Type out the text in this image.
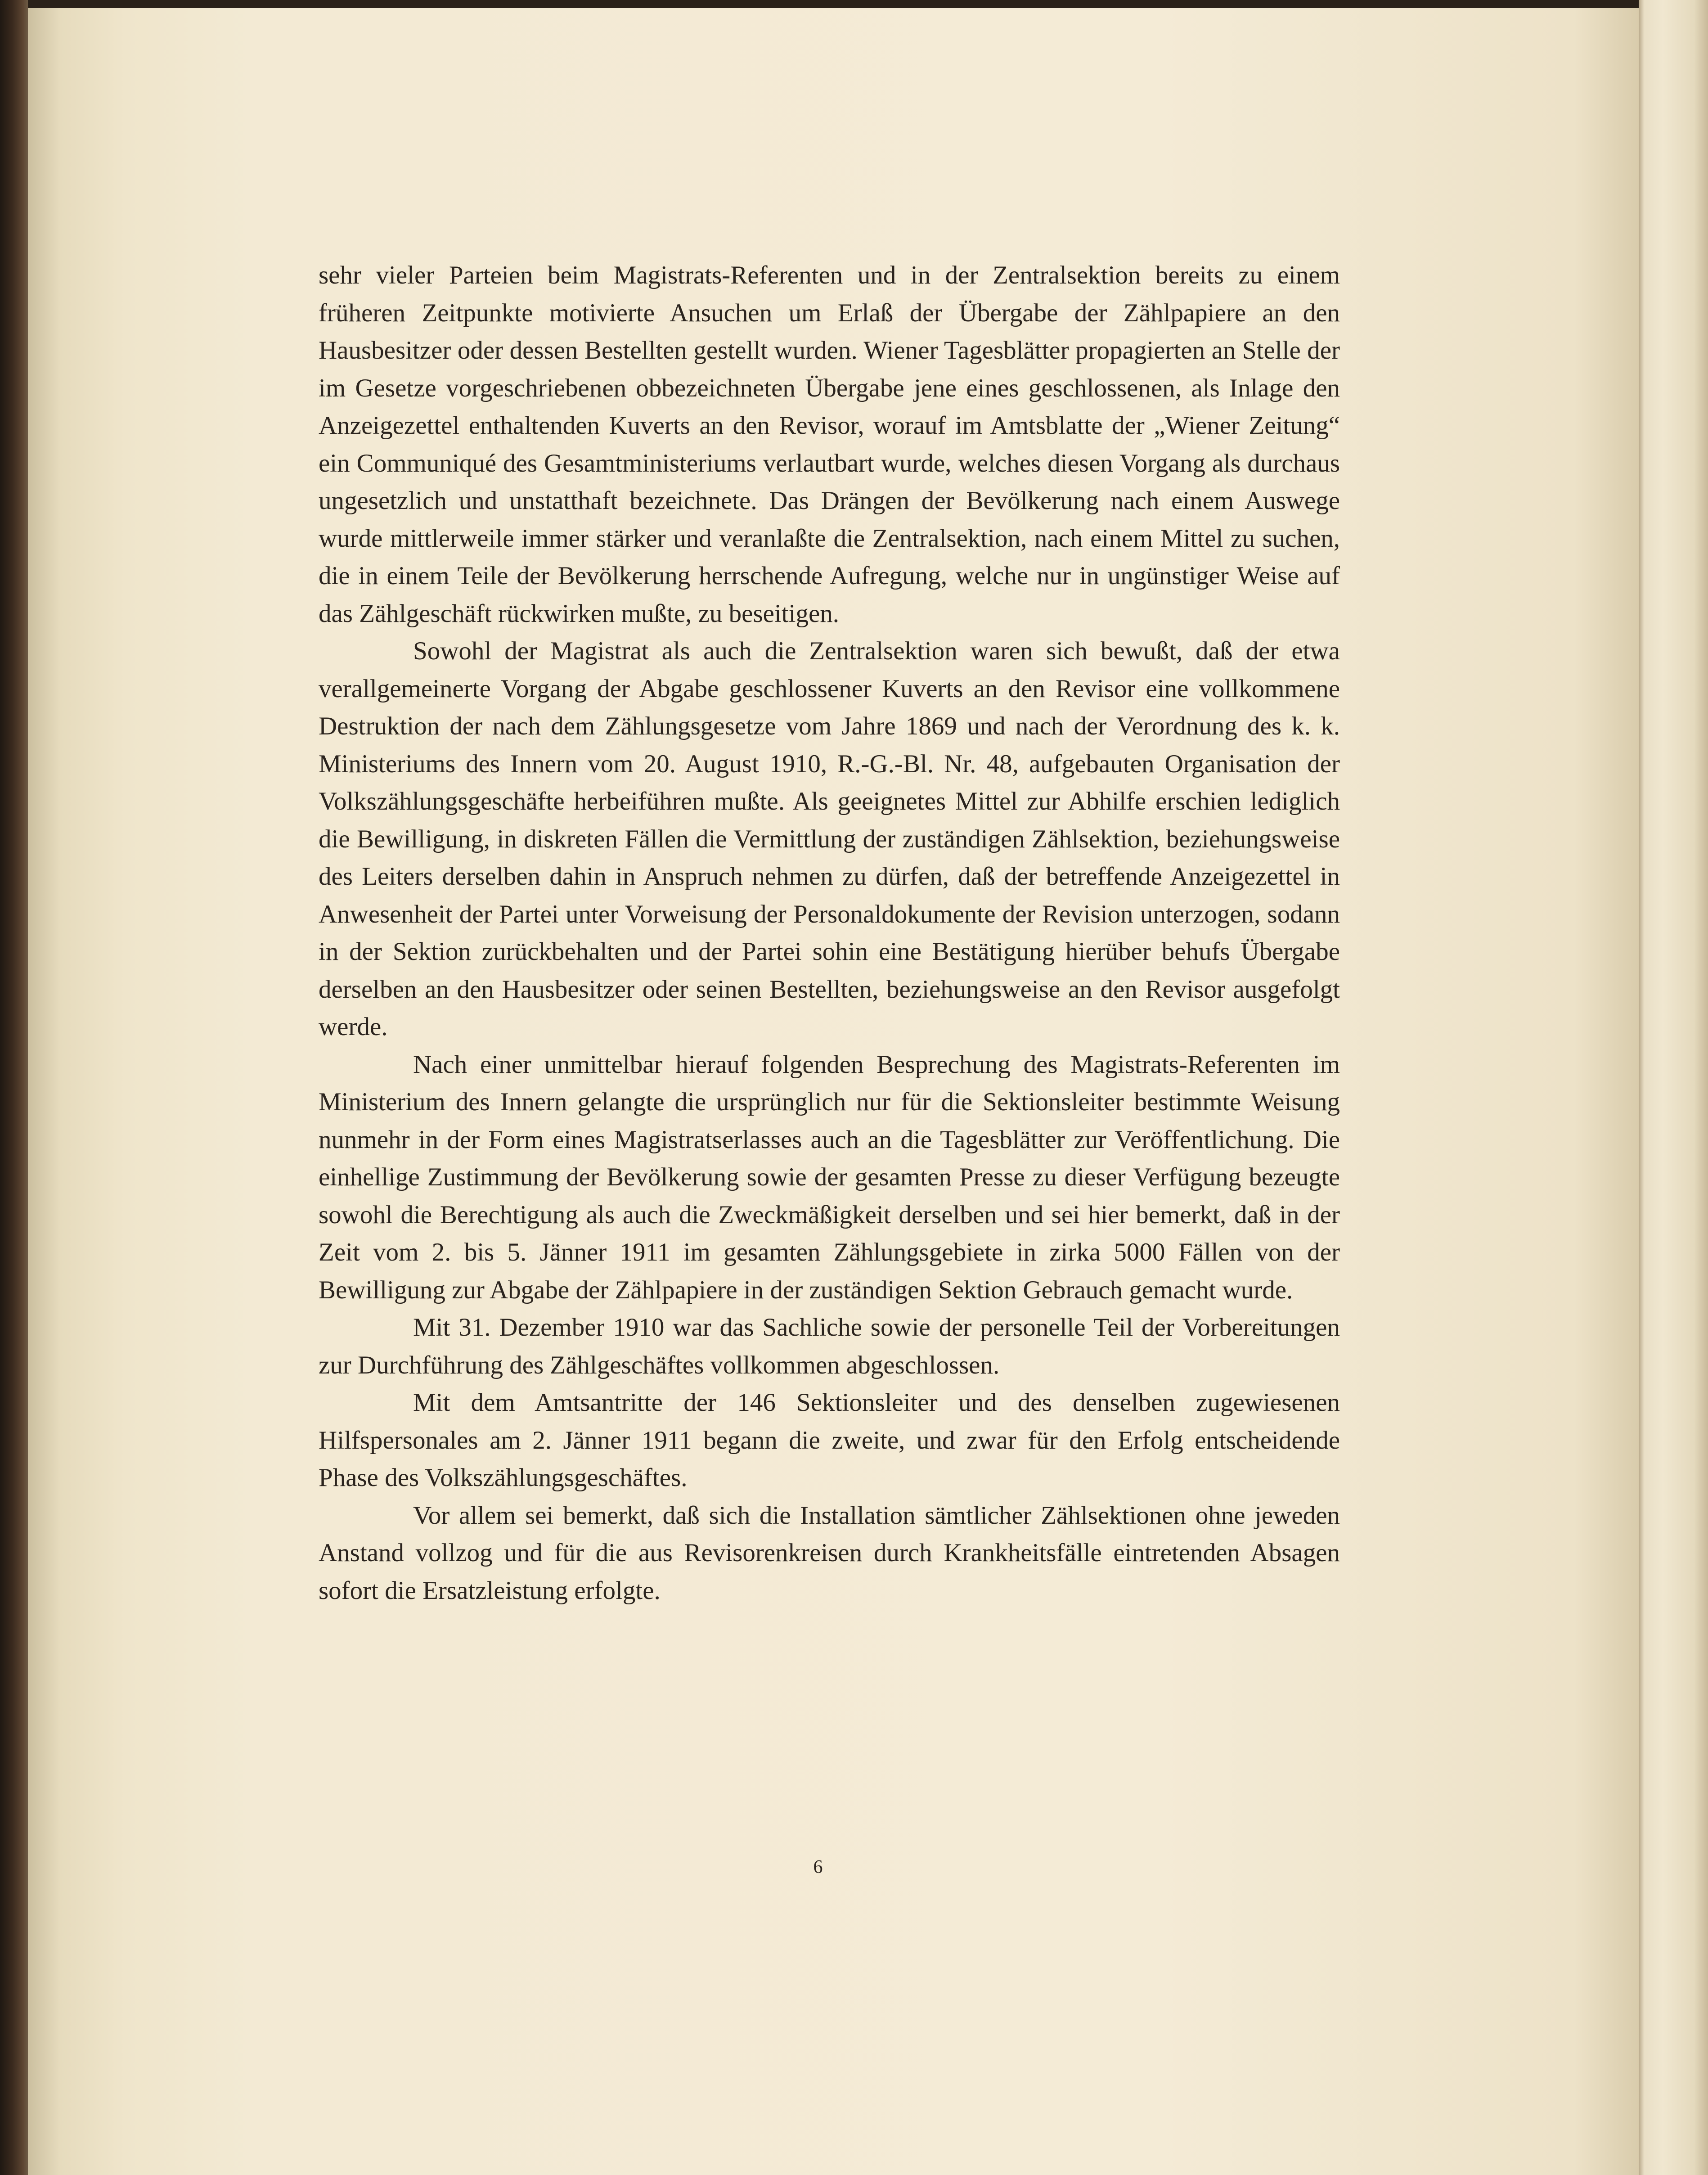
sehr vieler Parteien beim Magistrats-Referenten und in der Zentralsektion bereits zu einem früheren Zeitpunkte motivierte Ansuchen um Erlaß der Übergabe der Zählpapiere an den Hausbesitzer oder dessen Bestellten gestellt wurden. Wiener Tagesblätter propagierten an Stelle der im Gesetze vorgeschriebenen obbezeichneten Übergabe jene eines geschlossenen, als Inlage den Anzeigezettel enthaltenden Kuverts an den Revisor, worauf im Amtsblatte der „Wiener Zeitung“ ein Communiqué des Gesamtministeriums verlautbart wurde, welches diesen Vorgang als durchaus ungesetzlich und unstatthaft bezeichnete. Das Drängen der Bevölkerung nach einem Auswege wurde mittlerweile immer stärker und veranlaßte die Zentralsektion, nach einem Mittel zu suchen, die in einem Teile der Bevölkerung herrschende Aufregung, welche nur in ungünstiger Weise auf das Zählgeschäft rückwirken mußte, zu beseitigen.

Sowohl der Magistrat als auch die Zentralsektion waren sich bewußt, daß der etwa verallgemeinerte Vorgang der Abgabe geschlossener Kuverts an den Revisor eine vollkommene Destruktion der nach dem Zählungsgesetze vom Jahre 1869 und nach der Verordnung des k. k. Ministeriums des Innern vom 20. August 1910, R.-G.-Bl. Nr. 48, aufgebauten Organisation der Volkszählungsgeschäfte herbeiführen mußte. Als geeignetes Mittel zur Abhilfe erschien lediglich die Bewilligung, in diskreten Fällen die Vermittlung der zuständigen Zählsektion, beziehungsweise des Leiters derselben dahin in Anspruch nehmen zu dürfen, daß der betreffende Anzeigezettel in Anwesenheit der Partei unter Vorweisung der Personaldokumente der Revision unterzogen, sodann in der Sektion zurückbehalten und der Partei sohin eine Bestätigung hierüber behufs Übergabe derselben an den Hausbesitzer oder seinen Bestellten, beziehungsweise an den Revisor ausgefolgt werde.

Nach einer unmittelbar hierauf folgenden Besprechung des Magistrats-Referenten im Ministerium des Innern gelangte die ursprünglich nur für die Sektionsleiter bestimmte Weisung nunmehr in der Form eines Magistratserlasses auch an die Tagesblätter zur Veröffentlichung. Die einhellige Zustimmung der Bevölkerung sowie der gesamten Presse zu dieser Verfügung bezeugte sowohl die Berechtigung als auch die Zweckmäßigkeit derselben und sei hier bemerkt, daß in der Zeit vom 2. bis 5. Jänner 1911 im gesamten Zählungsgebiete in zirka 5000 Fällen von der Bewilligung zur Abgabe der Zählpapiere in der zuständigen Sektion Gebrauch gemacht wurde.

Mit 31. Dezember 1910 war das Sachliche sowie der personelle Teil der Vorbereitungen zur Durchführung des Zählgeschäftes vollkommen abgeschlossen.

Mit dem Amtsantritte der 146 Sektionsleiter und des denselben zugewiesenen Hilfspersonales am 2. Jänner 1911 begann die zweite, und zwar für den Erfolg entscheidende Phase des Volkszählungsgeschäftes.

Vor allem sei bemerkt, daß sich die Installation sämtlicher Zählsektionen ohne jeweden Anstand vollzog und für die aus Revisorenkreisen durch Krankheitsfälle eintretenden Absagen sofort die Ersatzleistung erfolgte.

6
